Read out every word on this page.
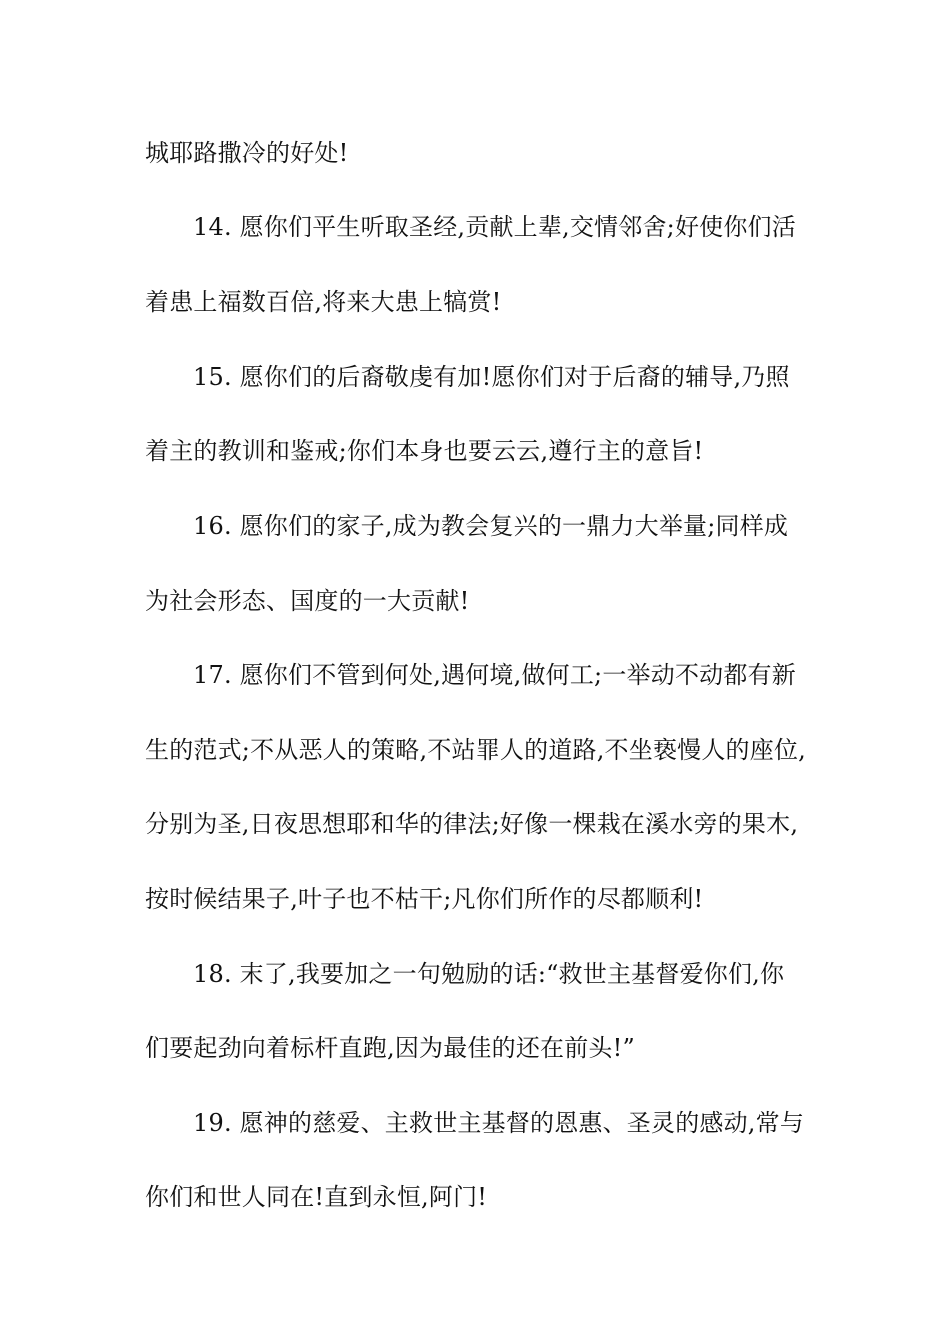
城耶路撒冷的好处!
14. 愿你们平生听取圣经,贡献上辈,交情邻舍;好使你们活
着患上福数百倍,将来大患上犒赏!
15. 愿你们的后裔敬虔有加!愿你们对于后裔的辅导,乃照
着主的教训和鉴戒;你们本身也要云云,遵行主的意旨!
16. 愿你们的家子,成为教会复兴的一鼎力大举量;同样成
为社会形态、国度的一大贡献!
17. 愿你们不管到何处,遇何境,做何工;一举动不动都有新
生的范式;不从恶人的策略,不站罪人的道路,不坐亵慢人的座位,
分别为圣,日夜思想耶和华的律法;好像一棵栽在溪水旁的果木,
按时候结果子,叶子也不枯干;凡你们所作的尽都顺利!
18. 末了,我要加之一句勉励的话:“救世主基督爱你们,你
们要起劲向着标杆直跑,因为最佳的还在前头!”
19. 愿神的慈爱、主救世主基督的恩惠、圣灵的感动,常与
你们和世人同在!直到永恒,阿门!
